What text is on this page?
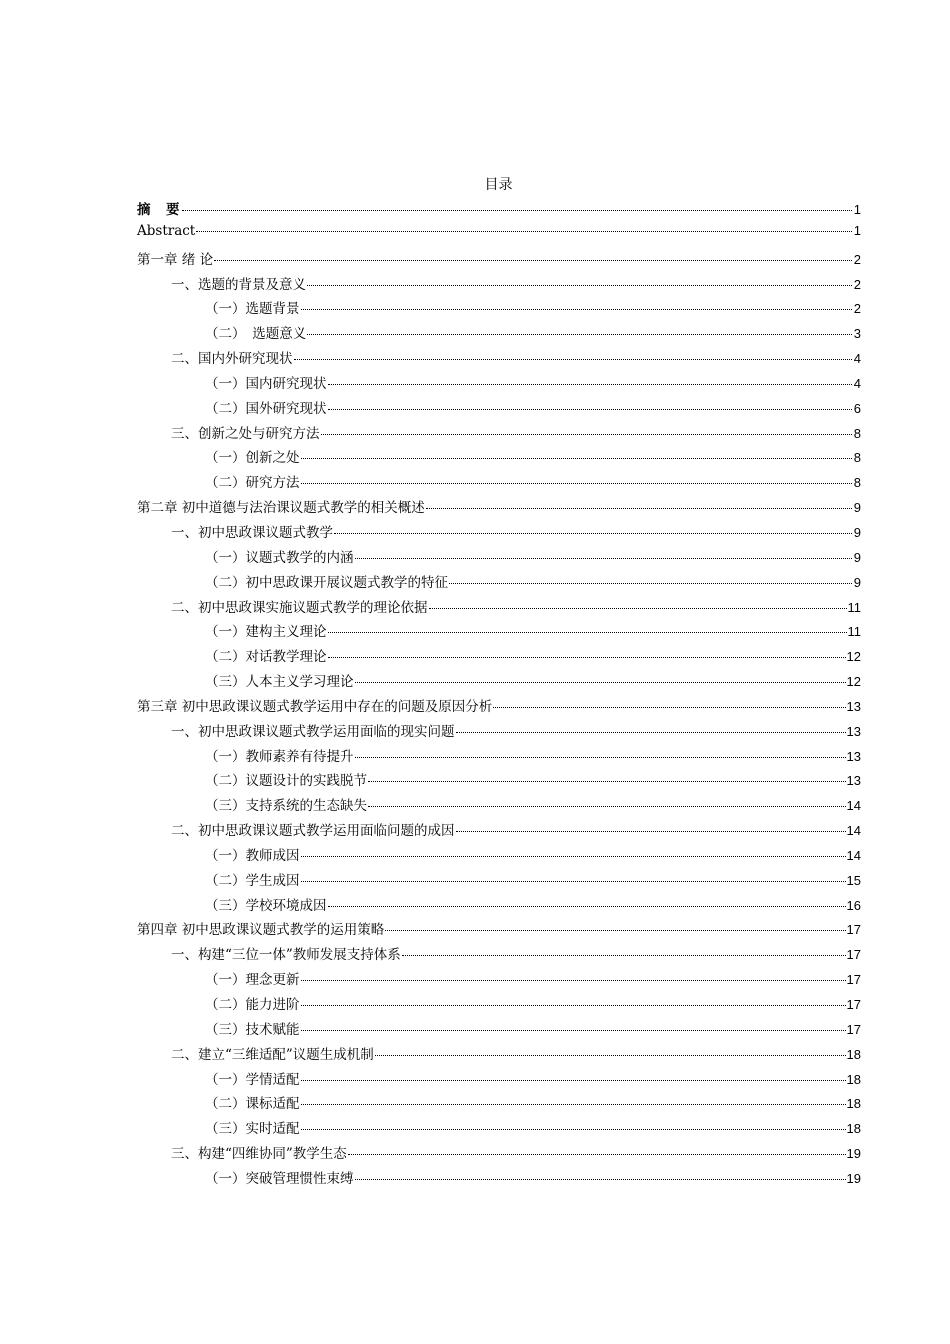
目录
摘　要	1
Abstract	1
第一章 绪 论	2
一、选题的背景及意义	2
（一）选题背景	2
（二）　选题意义	3
二、国内外研究现状	4
（一）国内研究现状	4
（二）国外研究现状	6
三、创新之处与研究方法	8
（一）创新之处	8
（二）研究方法	8
第二章 初中道德与法治课议题式教学的相关概述	9
一、初中思政课议题式教学	9
（一）议题式教学的内涵	9
（二）初中思政课开展议题式教学的特征	9
二、初中思政课实施议题式教学的理论依据	11
（一）建构主义理论	11
（二）对话教学理论	12
（三）人本主义学习理论	12
第三章 初中思政课议题式教学运用中存在的问题及原因分析	13
一、初中思政课议题式教学运用面临的现实问题	13
（一）教师素养有待提升	13
（二）议题设计的实践脱节	13
（三）支持系统的生态缺失	14
二、初中思政课议题式教学运用面临问题的成因	14
（一）教师成因	14
（二）学生成因	15
（三）学校环境成因	16
第四章 初中思政课议题式教学的运用策略	17
一、构建“三位一体”教师发展支持体系	17
（一）理念更新	17
（二）能力进阶	17
（三）技术赋能	17
二、建立“三维适配”议题生成机制	18
（一）学情适配	18
（二）课标适配	18
（三）实时适配	18
三、构建“四维协同”教学生态	19
（一）突破管理惯性束缚	19
